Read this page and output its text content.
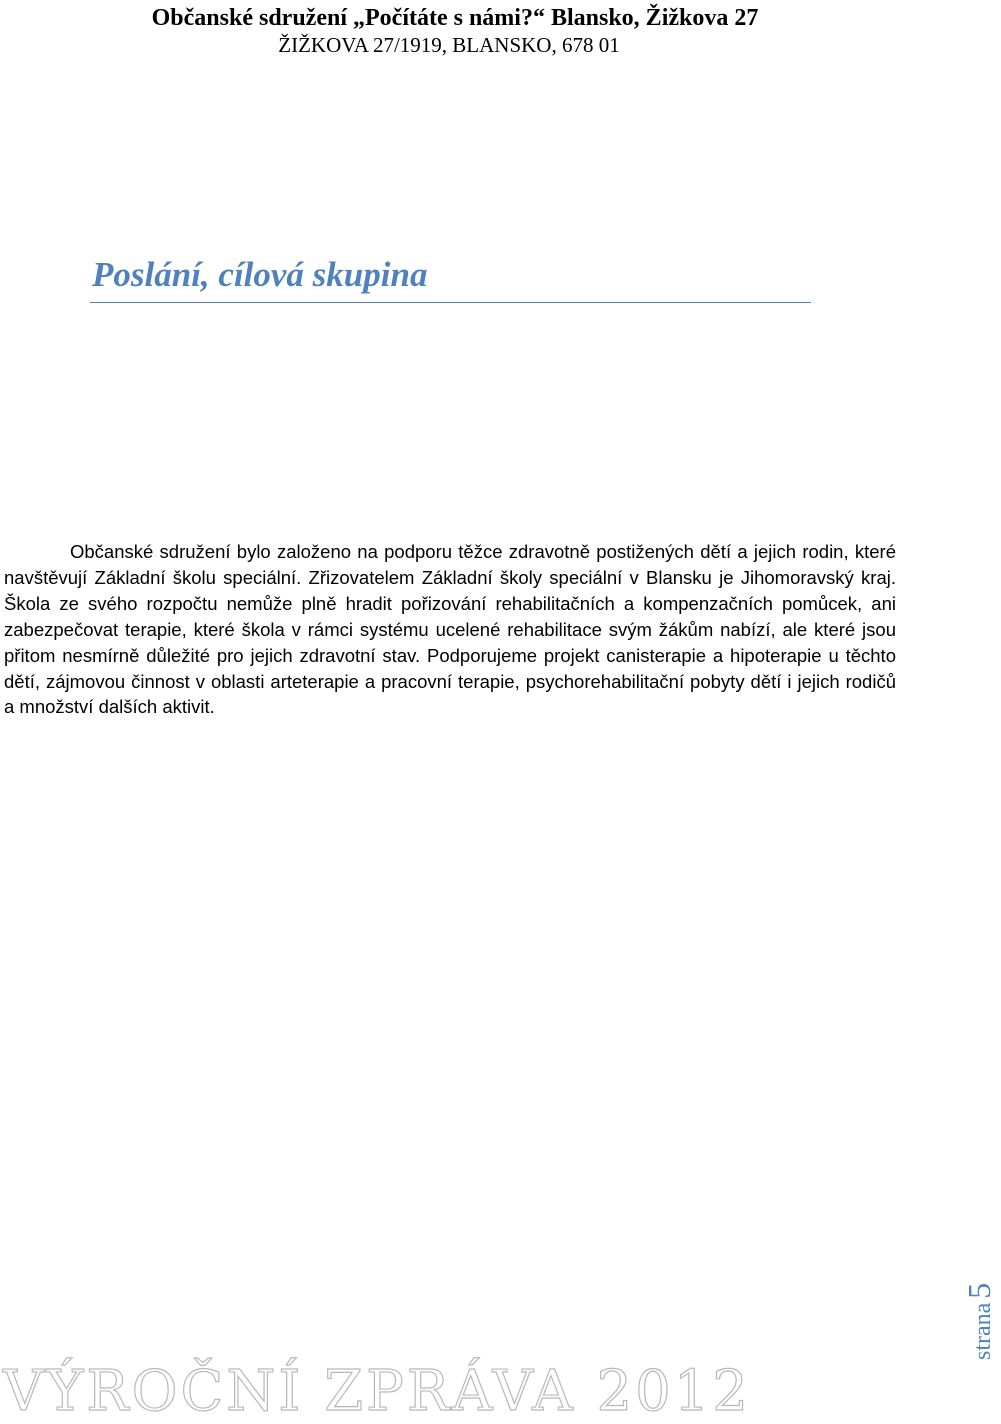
Občanské sdružení „Počítáte s námi?“ Blansko, Žižkova 27
ŽIŽKOVA 27/1919, BLANSKO, 678 01
Poslání, cílová skupina

Občanské sdružení bylo založeno na podporu těžce zdravotně postižených dětí a jejich rodin, které navštěvují Základní školu speciální. Zřizovatelem Základní školy speciální v Blansku je Jihomoravský kraj. Škola ze svého rozpočtu nemůže plně hradit pořizování rehabilitačních a kompenzačních pomůcek, ani zabezpečovat terapie, které škola v rámci systému ucelené rehabilitace svým žákům nabízí, ale které jsou přitom nesmírně důležité pro jejich zdravotní stav. Podporujeme projekt canisterapie a hipoterapie u těchto dětí, zájmovou činnost v oblasti arteterapie a pracovní terapie, psychorehabilitační pobyty dětí i jejich rodičů a množství dalších aktivit.

strana5
VÝROČNÍ ZPRÁVA 2012
